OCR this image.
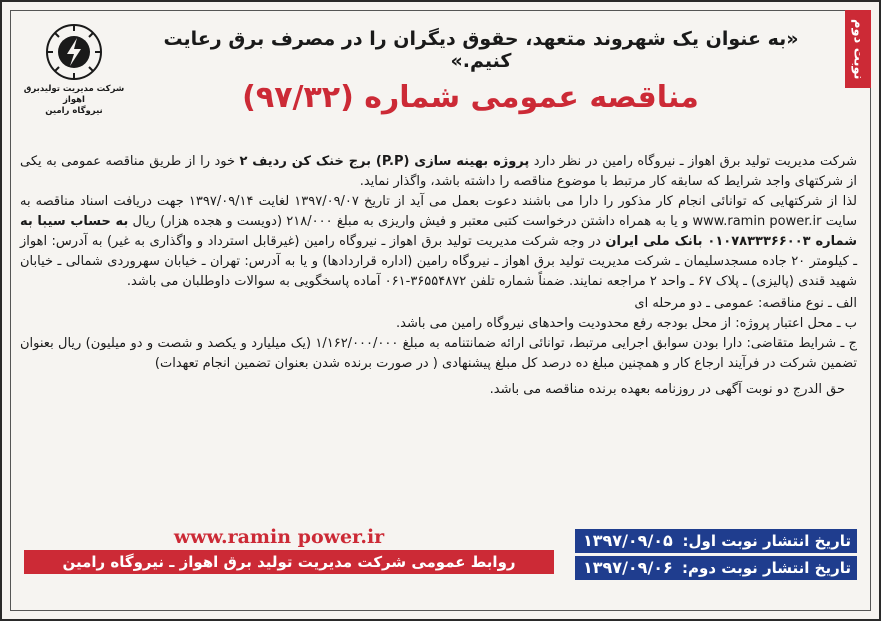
نوبت دوم
شرکت مدیریت تولیدبرق اهواز
نیروگاه رامین
«به عنوان یک شهروند متعهد، حقوق دیگران را در مصرف برق رعایت کنیم.»
مناقصه عمومی شماره (۹۷/۳۲)

شرکت مدیریت تولید برق اهواز ـ نیروگاه رامین در نظر دارد پروژه بهینه سازی (P.P) برج خنک کن ردیف ۲ خود را از طریق مناقصه عمومی به یکی از شرکتهای واجد شرایط که سابقه کار مرتبط با موضوع مناقصه را داشته باشد، واگذار نماید.

لذا از شرکتهایی که توانائی انجام کار مذکور را دارا می باشند دعوت بعمل می آید از تاریخ ۱۳۹۷/۰۹/۰۷ لغایت ۱۳۹۷/۰۹/۱۴ جهت دریافت اسناد مناقصه به سایت www.ramin power.ir و یا به همراه داشتن درخواست کتبی معتبر و فیش واریزی به مبلغ ۲۱۸/۰۰۰ (دویست و هجده هزار) ریال به حساب سیبا به شماره ۰۱۰۷۸۳۳۳۶۶۰۰۳ بانک ملی ایران در وجه شرکت مدیریت تولید برق اهواز ـ نیروگاه رامین (غیرقابل استرداد و واگذاری به غیر) به آدرس: اهواز ـ کیلومتر ۲۰ جاده مسجدسلیمان ـ شرکت مدیریت تولید برق اهواز ـ نیروگاه رامین (اداره قراردادها) و یا به آدرس: تهران ـ خیابان سهروردی شمالی ـ خیابان شهید قندی (پالیزی) ـ پلاک ۶۷ ـ واحد ۲ مراجعه نمایند. ضمناً شماره تلفن ۳۶۵۵۴۸۷۲-۰۶۱ آماده پاسخگویی به سوالات داوطلبان می باشد.

الف ـ نوع مناقصه: عمومی ـ دو مرحله ای

ب ـ محل اعتبار پروژه: از محل بودجه رفع محدودیت واحدهای نیروگاه رامین می باشد.

ج ـ شرایط متقاضی: دارا بودن سوابق اجرایی مرتبط، توانائی ارائه ضمانتنامه به مبلغ ۱/۱۶۲/۰۰۰/۰۰۰ (یک میلیارد و یکصد و شصت و دو میلیون) ریال بعنوان تضمین شرکت در فرآیند ارجاع کار و همچنین مبلغ ده درصد کل مبلغ پیشنهادی ( در صورت برنده شدن بعنوان تضمین انجام تعهدات)

حق الدرج دو نوبت آگهی در روزنامه بعهده برنده مناقصه می باشد.

www.ramin power.ir
روابط عمومی شرکت مدیریت تولید برق اهواز ـ نیروگاه رامین
تاریخ انتشار نوبت اول:
۱۳۹۷/۰۹/۰۵
تاریخ انتشار نوبت دوم:
۱۳۹۷/۰۹/۰۶
